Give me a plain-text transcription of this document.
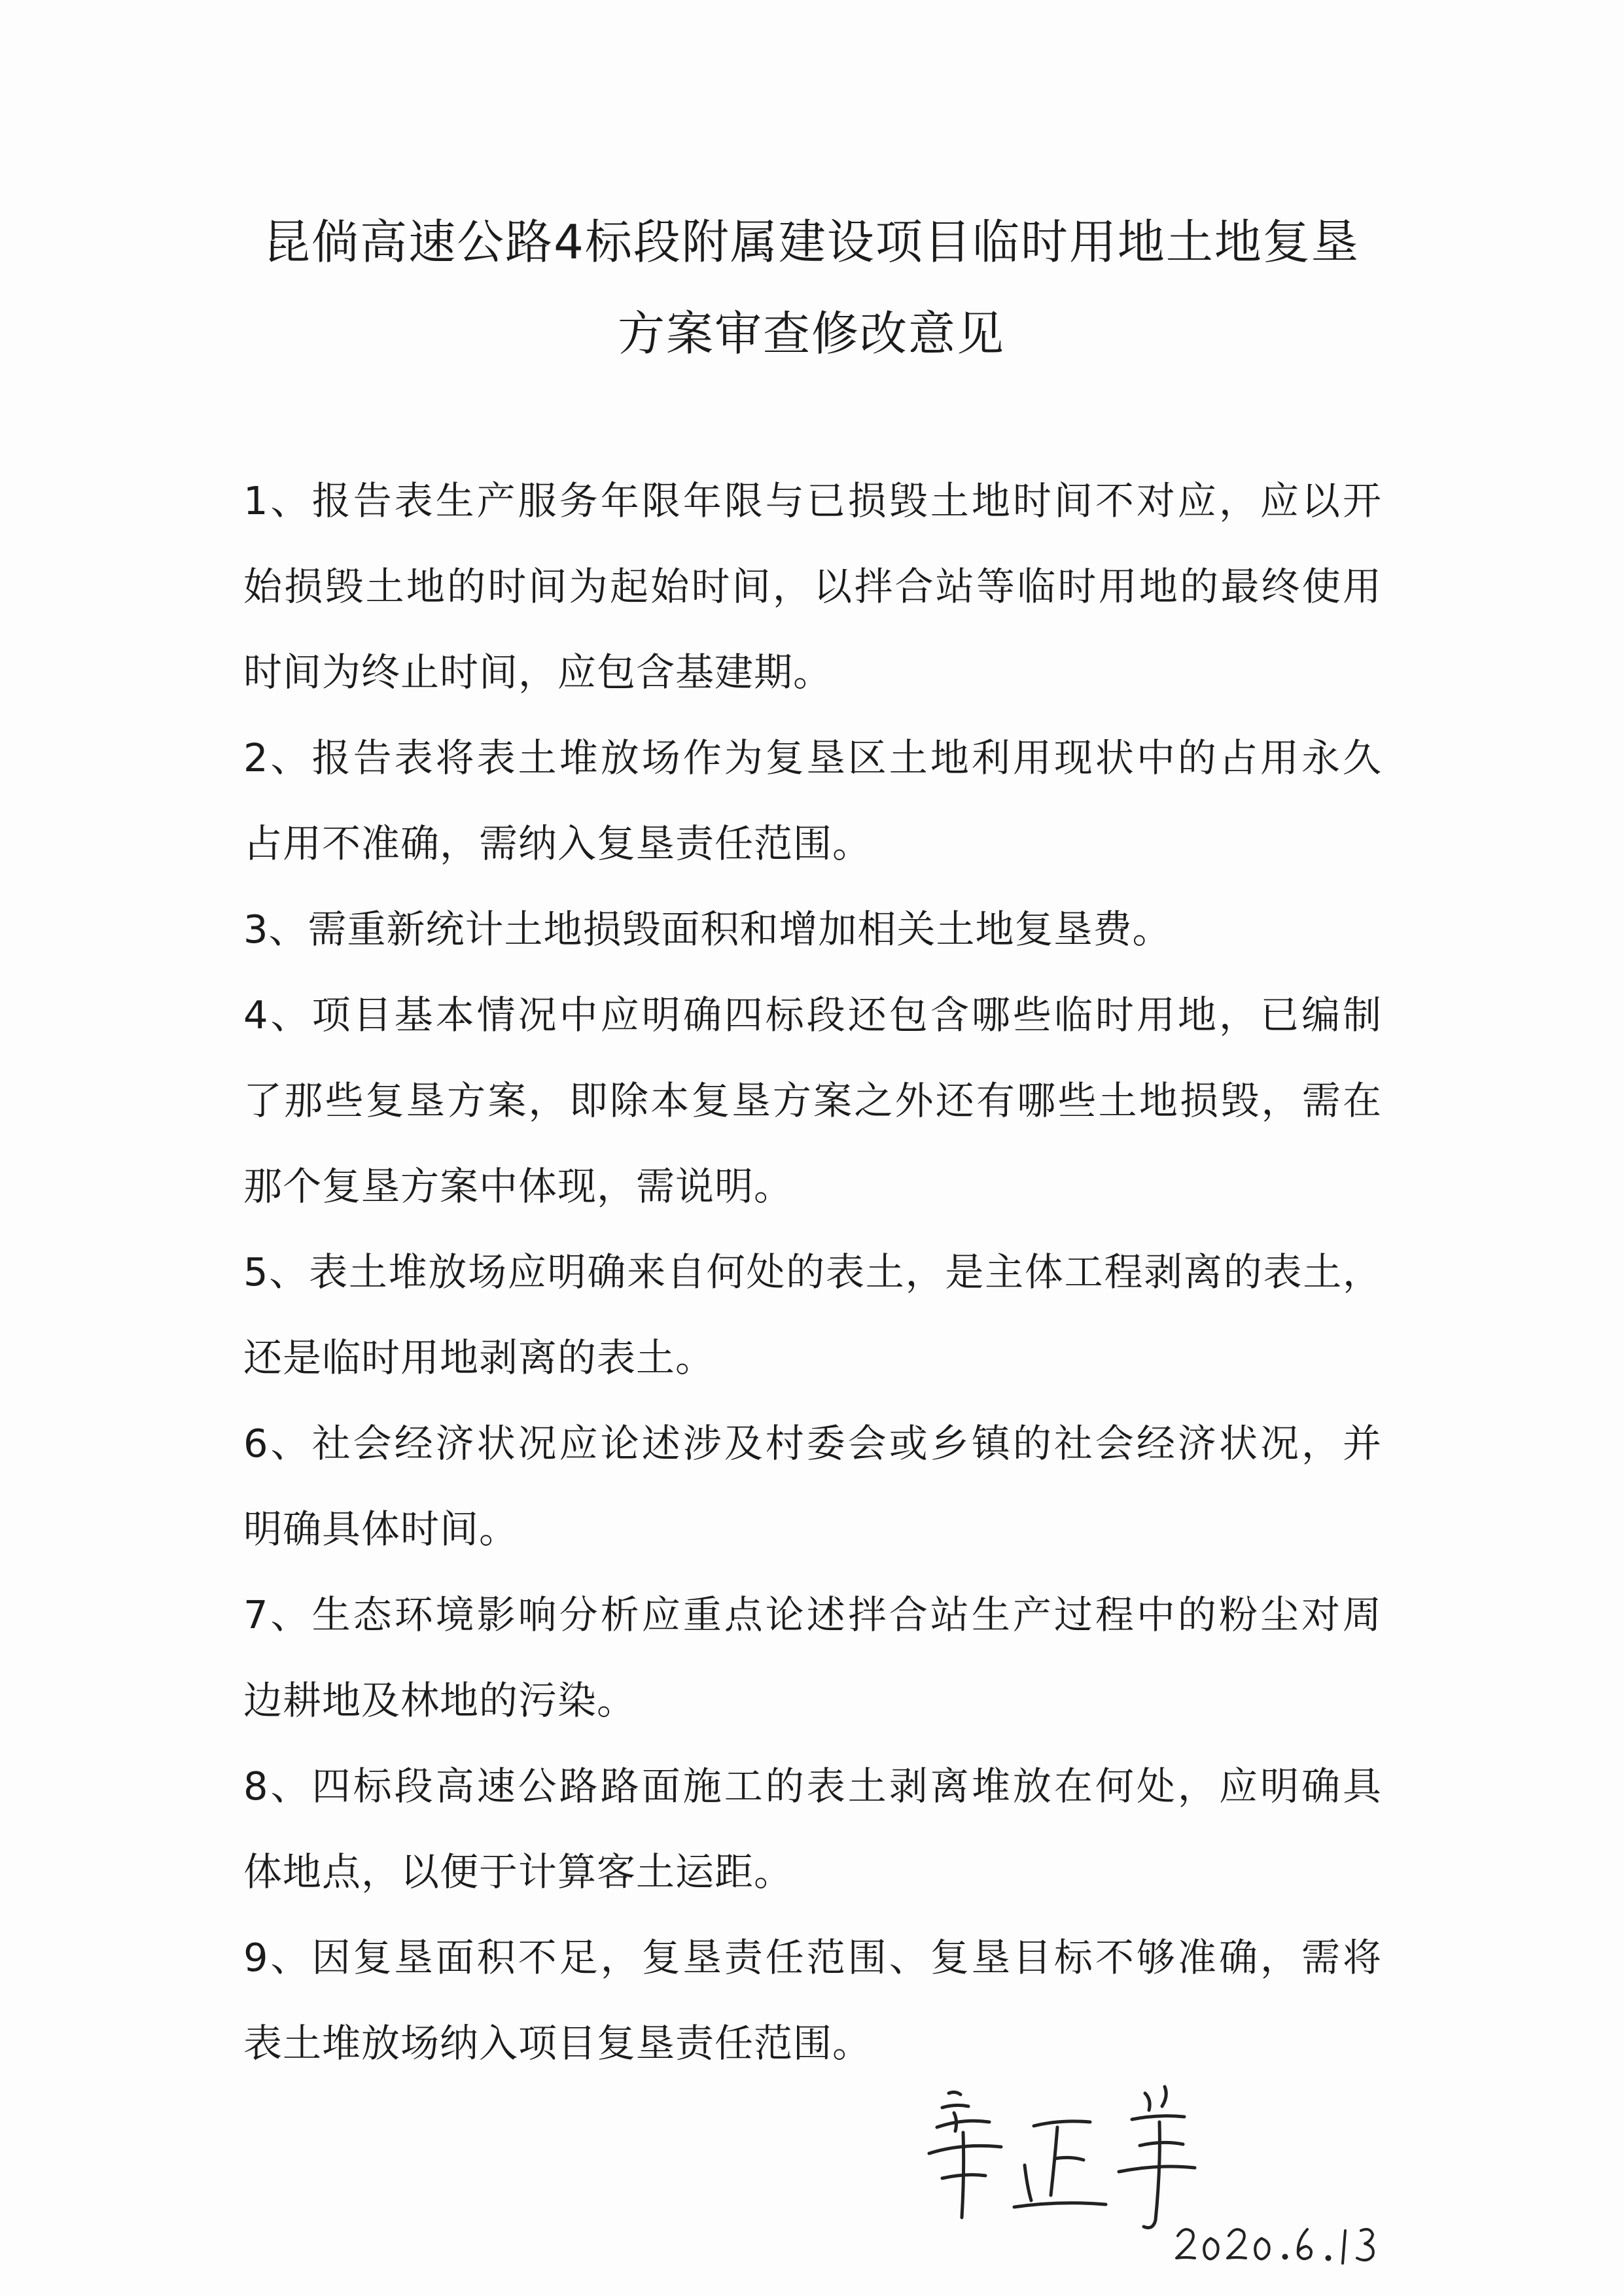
昆倘高速公路4标段附属建设项目临时用地土地复垦
方案审查修改意见
1、报告表生产服务年限年限与已损毁土地时间不对应，应以开
始损毁土地的时间为起始时间，以拌合站等临时用地的最终使用
时间为终止时间，应包含基建期。
2、报告表将表土堆放场作为复垦区土地利用现状中的占用永久
占用不准确，需纳入复垦责任范围。
3、需重新统计土地损毁面积和增加相关土地复垦费。
4、项目基本情况中应明确四标段还包含哪些临时用地，已编制
了那些复垦方案，即除本复垦方案之外还有哪些土地损毁，需在
那个复垦方案中体现，需说明。
5、表土堆放场应明确来自何处的表土，是主体工程剥离的表土，
还是临时用地剥离的表土。
6、社会经济状况应论述涉及村委会或乡镇的社会经济状况，并
明确具体时间。
7、生态环境影响分析应重点论述拌合站生产过程中的粉尘对周
边耕地及林地的污染。
8、四标段高速公路路面施工的表土剥离堆放在何处，应明确具
体地点，以便于计算客土运距。
9、因复垦面积不足，复垦责任范围、复垦目标不够准确，需将
表土堆放场纳入项目复垦责任范围。
